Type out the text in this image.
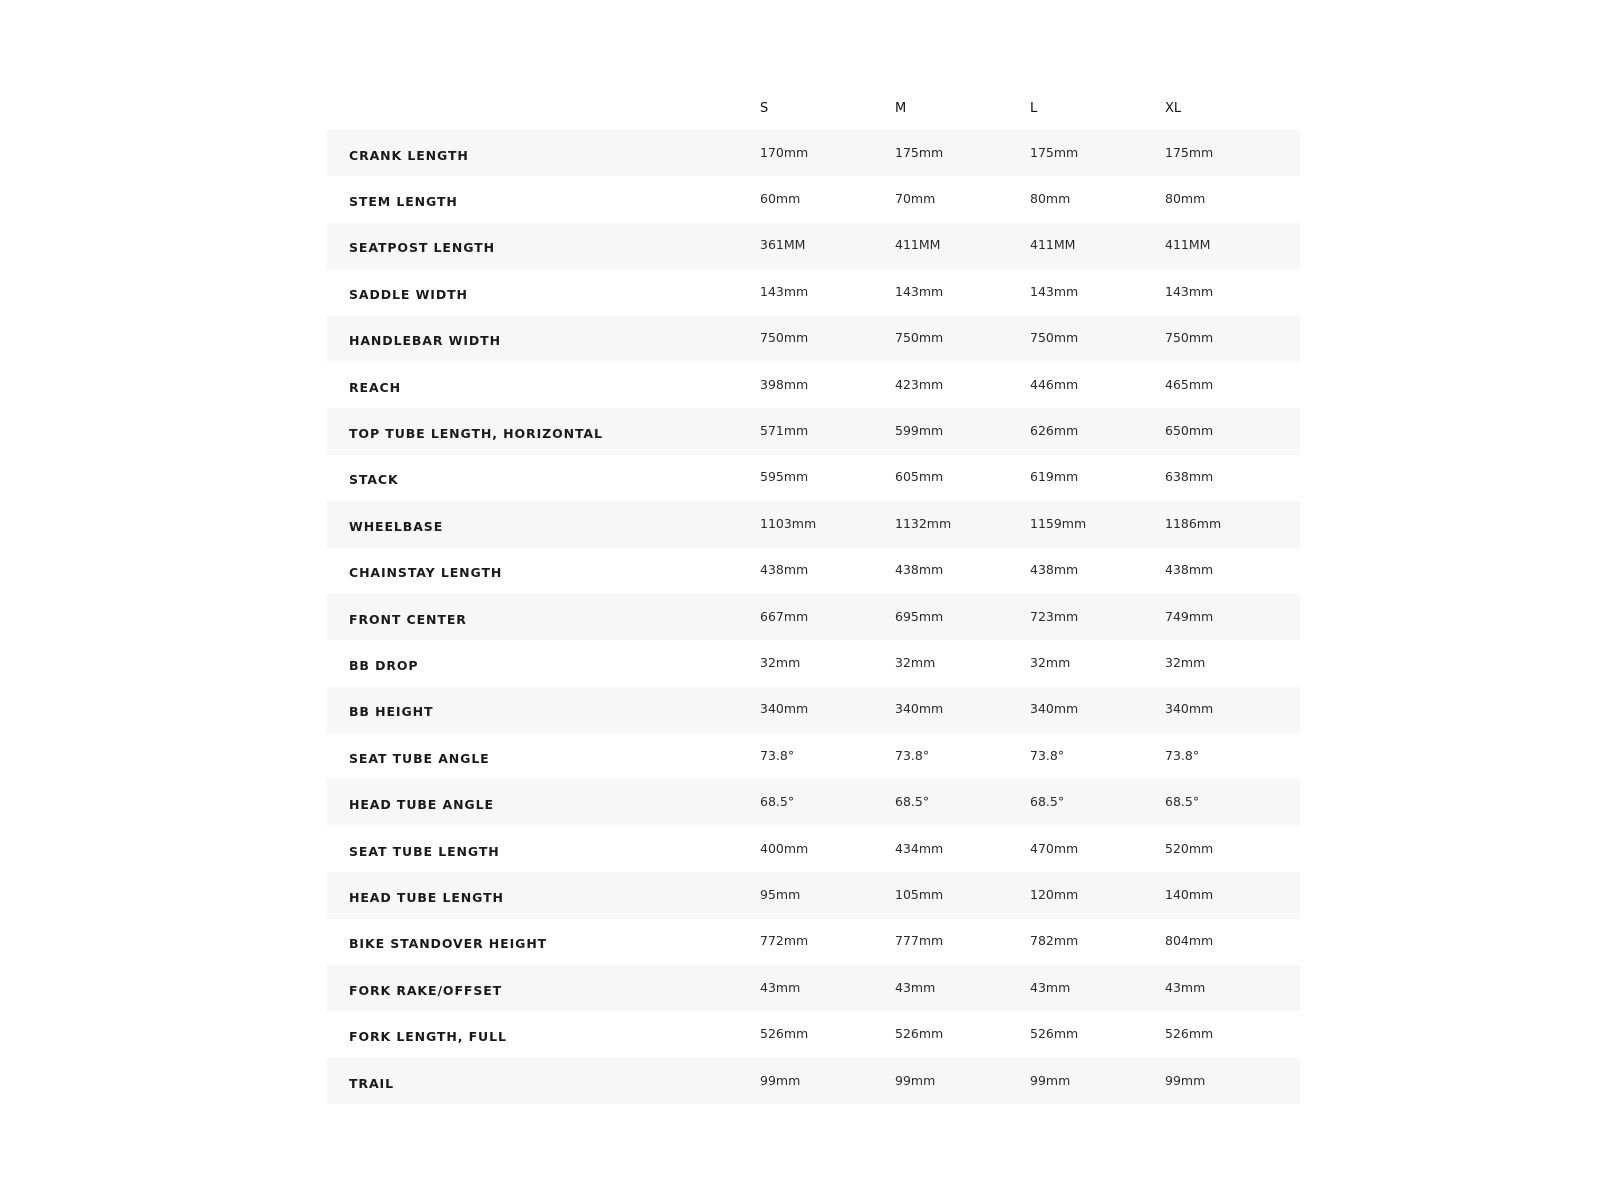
	S	M	L	XL
CRANK LENGTH	170mm	175mm	175mm	175mm
STEM LENGTH	60mm	70mm	80mm	80mm
SEATPOST LENGTH	361MM	411MM	411MM	411MM
SADDLE WIDTH	143mm	143mm	143mm	143mm
HANDLEBAR WIDTH	750mm	750mm	750mm	750mm
REACH	398mm	423mm	446mm	465mm
TOP TUBE LENGTH, HORIZONTAL	571mm	599mm	626mm	650mm
STACK	595mm	605mm	619mm	638mm
WHEELBASE	1103mm	1132mm	1159mm	1186mm
CHAINSTAY LENGTH	438mm	438mm	438mm	438mm
FRONT CENTER	667mm	695mm	723mm	749mm
BB DROP	32mm	32mm	32mm	32mm
BB HEIGHT	340mm	340mm	340mm	340mm
SEAT TUBE ANGLE	73.8°	73.8°	73.8°	73.8°
HEAD TUBE ANGLE	68.5°	68.5°	68.5°	68.5°
SEAT TUBE LENGTH	400mm	434mm	470mm	520mm
HEAD TUBE LENGTH	95mm	105mm	120mm	140mm
BIKE STANDOVER HEIGHT	772mm	777mm	782mm	804mm
FORK RAKE/OFFSET	43mm	43mm	43mm	43mm
FORK LENGTH, FULL	526mm	526mm	526mm	526mm
TRAIL	99mm	99mm	99mm	99mm
